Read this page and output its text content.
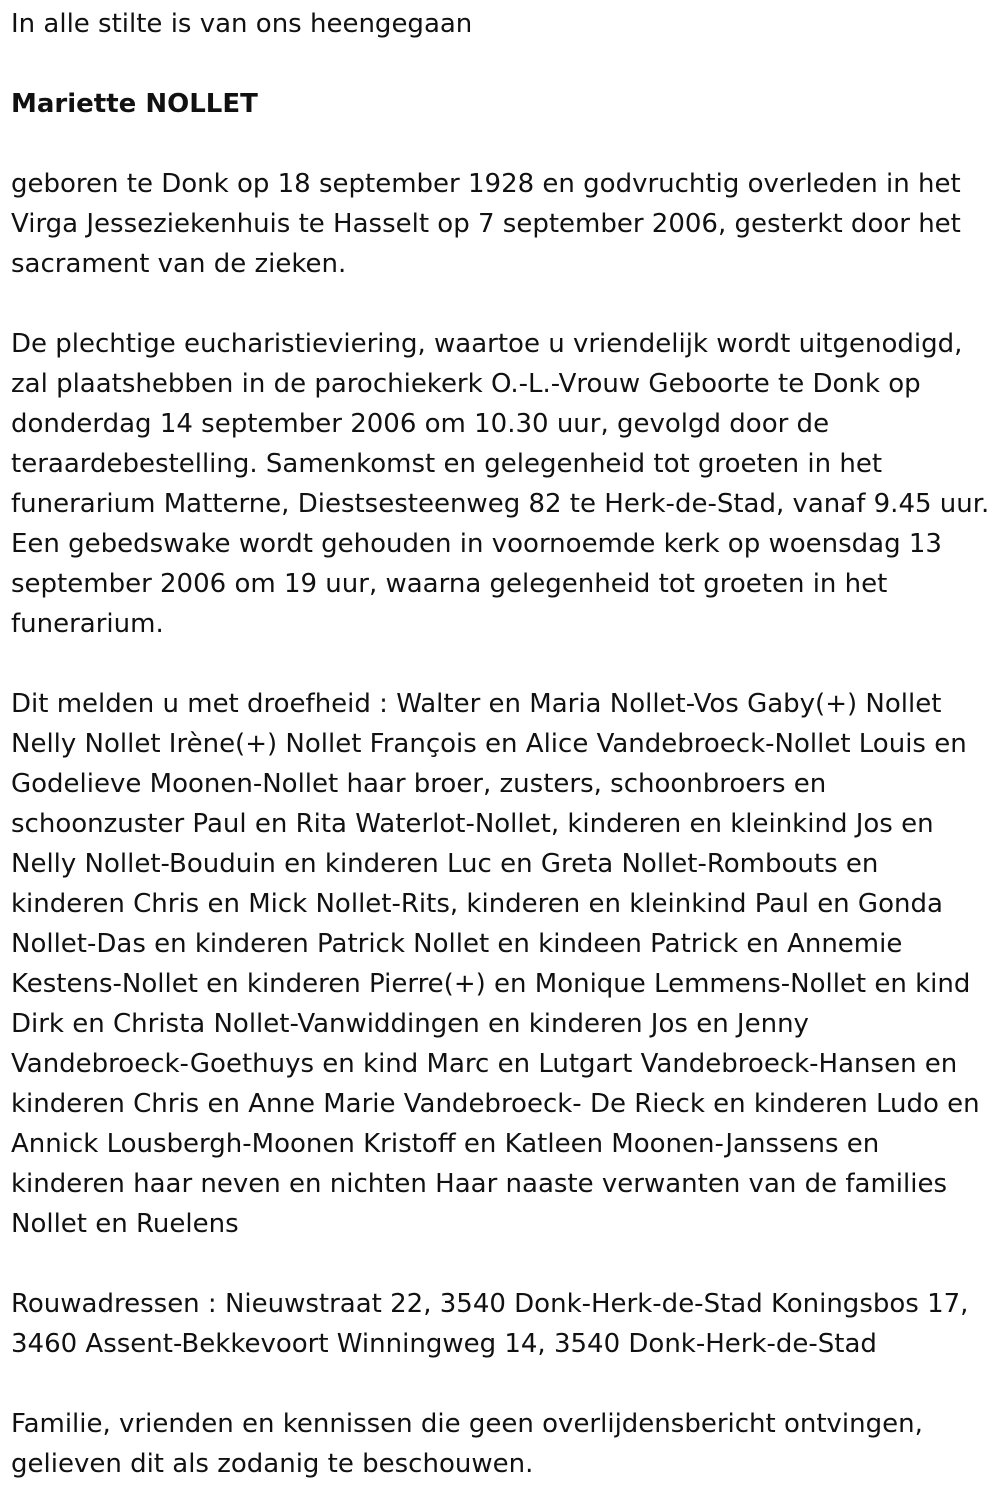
In alle stilte is van ons heengegaan

Mariette NOLLET

geboren te Donk op 18 september 1928 en godvruchtig overleden in het Virga Jesseziekenhuis te Hasselt op 7 september 2006, gesterkt door het sacrament van de zieken.

De plechtige eucharistieviering, waartoe u vriendelijk wordt uitgenodigd, zal plaatshebben in de parochiekerk O.-L.-Vrouw Geboorte te Donk op donderdag 14 september 2006 om 10.30 uur, gevolgd door de teraardebestelling. Samenkomst en gelegenheid tot groeten in het funerarium Matterne, Diestsesteenweg 82 te Herk-de-Stad, vanaf 9.45 uur. Een gebedswake wordt gehouden in voornoemde kerk op woensdag 13 september 2006 om 19 uur, waarna gelegenheid tot groeten in het funerarium.

Dit melden u met droefheid : Walter en Maria Nollet-Vos Gaby(+) Nollet Nelly Nollet Irène(+) Nollet François en Alice Vandebroeck-Nollet Louis en Godelieve Moonen-Nollet haar broer, zusters, schoonbroers en schoonzuster Paul en Rita Waterlot-Nollet, kinderen en kleinkind Jos en Nelly Nollet-Bouduin en kinderen Luc en Greta Nollet-Rombouts en kinderen Chris en Mick Nollet-Rits, kinderen en kleinkind Paul en Gonda Nollet-Das en kinderen Patrick Nollet en kindeen Patrick en Annemie Kestens-Nollet en kinderen Pierre(+) en Monique Lemmens-Nollet en kind Dirk en Christa Nollet-Vanwiddingen en kinderen Jos en Jenny Vandebroeck-Goethuys en kind Marc en Lutgart Vandebroeck-Hansen en kinderen Chris en Anne Marie Vandebroeck- De Rieck en kinderen Ludo en Annick Lousbergh-Moonen Kristoff en Katleen Moonen-Janssens en kinderen haar neven en nichten Haar naaste verwanten van de families Nollet en Ruelens

Rouwadressen : Nieuwstraat 22, 3540 Donk-Herk-de-Stad Koningsbos 17, 3460 Assent-Bekkevoort Winningweg 14, 3540 Donk-Herk-de-Stad

Familie, vrienden en kennissen die geen overlijdensbericht ontvingen, gelieven dit als zodanig te beschouwen.
